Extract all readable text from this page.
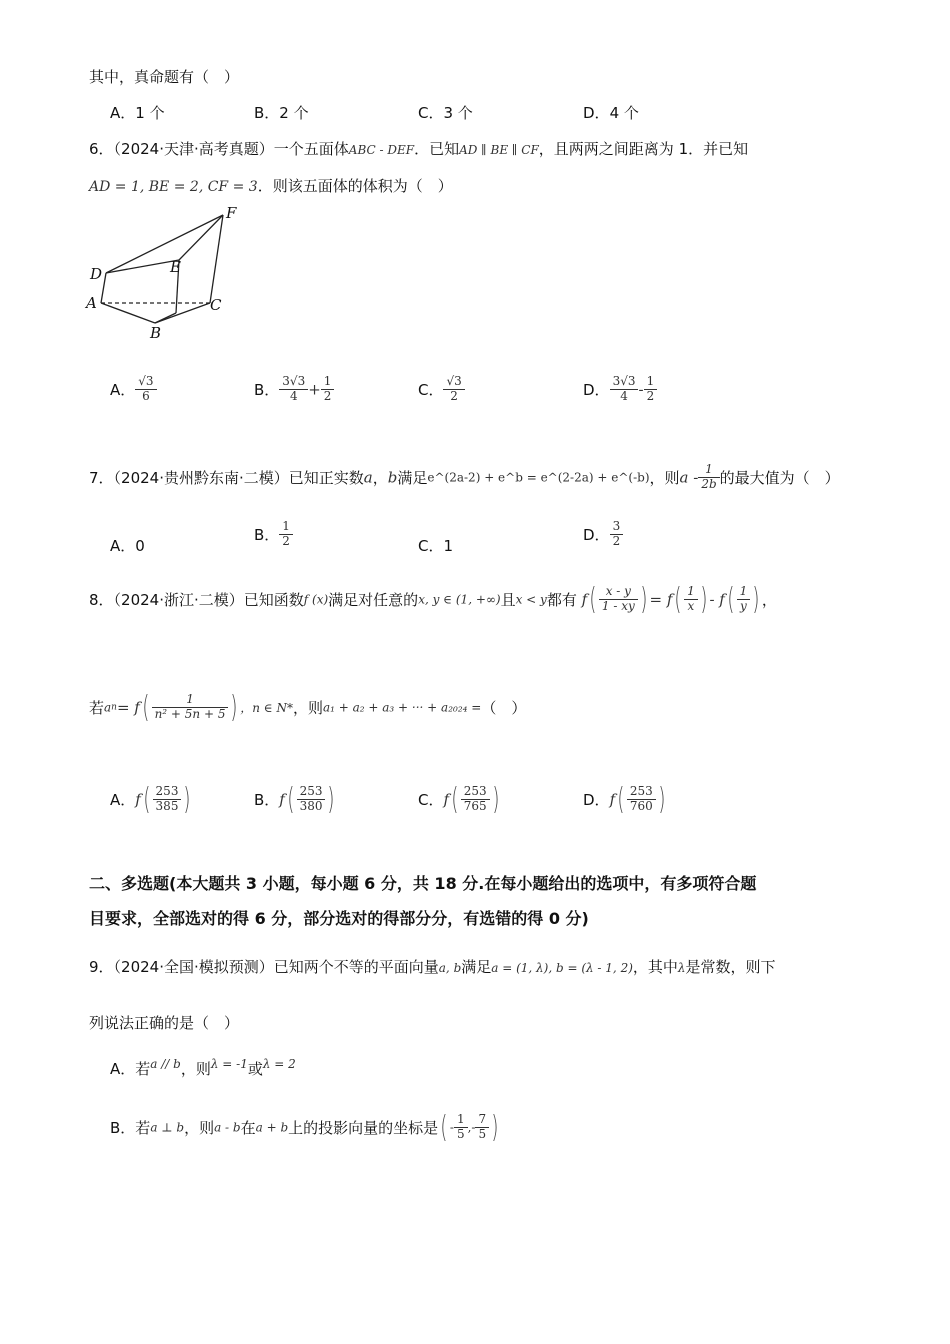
其中，真命题有（　）
A．1 个	B．2 个	C．3 个	D．4 个
6．（2024·天津·高考真题）一个五面体ABC - DEF．已知AD ∥ BE ∥ CF，且两两之间距离为 1．并已知
AD = 1, BE = 2, CF = 3．则该五面体的体积为（　）
F
D	E
A	C
B
A． $\frac{√3}{6}$	B． $\frac{3√3}{4} + \frac{1}{2}$	C． $\frac{√3}{2}$	D． $\frac{3√3}{4} - \frac{1}{2}$
7．（2024·贵州黔东南·二模）已知正实数a，b满足e^(2a-2) + e^b = e^(2-2a) + e^(-b)，则a - $\frac{1}{2b}$ 的最大值为（　）
A．0
B． $\frac{1}{2}$	C．1
D． $\frac{3}{2}$
8．（2024·浙江·二模）已知函数f (x)满足对任意的x, y ∈ (1, +∞)且x < y都有 $f( \frac{x - y}{1 - xy}$ ) = $f( \frac{1}{x}$ ) - $f( \frac{1}{y}$ ) ，
若$an= f( \frac{1}{\text{n² + 5n + 5}}$ ) ，n ∈ N*，则a₁ + a₂ + a₃ + ··· + a₂₀₂₄ =（　）
A．$f( \frac{253}{385}$ )	B．$f( \frac{253}{380}$ )	C．$f( \frac{253}{765}$ )	D．$f( \frac{253}{760}$ )
二、多选题(本大题共 3 小题，每小题 6 分，共 18 分.在每小题给出的选项中，有多项符合题
目要求，全部选对的得 6 分，部分选对的得部分分，有选错的得 0 分)
9．（2024·全国·模拟预测）已知两个不等的平面向量a, b满足a = (1, λ), b = (λ - 1, 2)，其中λ是常数，则下
列说法正确的是（　）
A．若$^{a // b}$，则$^{\lambda = -1}$或$^{\lambda = 2}$
B．若a ⊥ b，则a - b在a + b上的投影向量的坐标是( - $\frac{1}{5}$ ,- $\frac{7}{5}$ )
